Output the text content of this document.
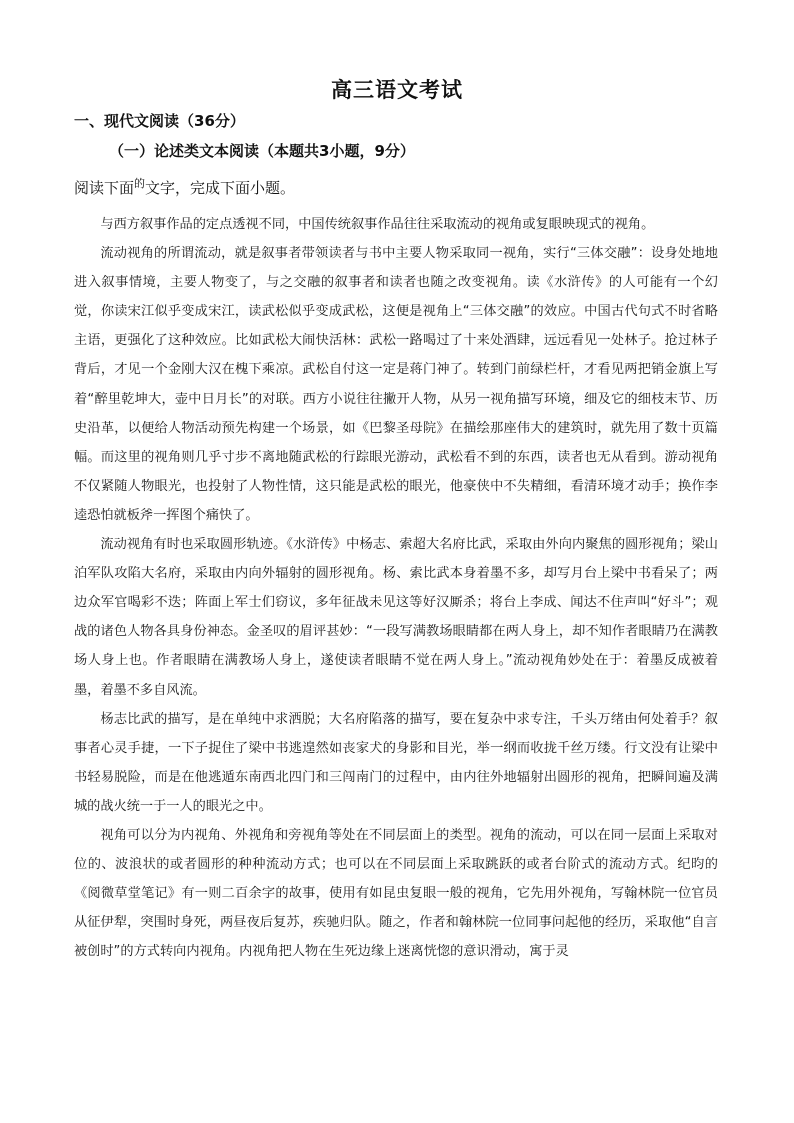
高三语文考试
一、现代文阅读（36分）
（一）论述类文本阅读（本题共3小题，9分）
阅读下面$^的$文字，完成下面小题。

与西方叙事作品的定点透视不同，中国传统叙事作品往往采取流动的视角或复眼映现式的视角。

流动视角的所谓流动，就是叙事者带领读者与书中主要人物采取同一视角，实行“三体交融”：设身处地地进入叙事情境，主要人物变了，与之交融的叙事者和读者也随之改变视角。读《水浒传》的人可能有一个幻觉，你读宋江似乎变成宋江，读武松似乎变成武松，这便是视角上“三体交融”的效应。中国古代句式不时省略主语，更强化了这种效应。比如武松大闹快活林：武松一路喝过了十来处酒肆，远远看见一处林子。抢过林子背后，才见一个金刚大汉在槐下乘凉。武松自付这一定是蒋门神了。转到门前绿栏杆，才看见两把销金旗上写着“醉里乾坤大，壶中日月长”的对联。西方小说往往撇开人物，从另一视角描写环境，细及它的细枝末节、历史沿革，以便给人物活动预先构建一个场景，如《巴黎圣母院》在描绘那座伟大的建筑时，就先用了数十页篇幅。而这里的视角则几乎寸步不离地随武松的行踪眼光游动，武松看不到的东西，读者也无从看到。游动视角不仅紧随人物眼光，也投射了人物性情，这只能是武松的眼光，他豪侠中不失精细，看清环境才动手；换作李逵恐怕就板斧一挥图个痛快了。

流动视角有时也采取圆形轨迹。《水浒传》中杨志、索超大名府比武，采取由外向内聚焦的圆形视角；梁山泊军队攻陷大名府，采取由内向外辐射的圆形视角。杨、索比武本身着墨不多，却写月台上梁中书看呆了；两边众军官喝彩不迭；阵面上军士们窃议，多年征战未见这等好汉厮杀；将台上李成、闻达不住声叫“好斗”；观战的诸色人物各具身份神态。金圣叹的眉评甚妙：“一段写满教场眼睛都在两人身上，却不知作者眼睛乃在满教场人身上也。作者眼睛在满教场人身上，遂使读者眼睛不觉在两人身上。”流动视角妙处在于：着墨反成被着墨，着墨不多自风流。

杨志比武的描写，是在单纯中求洒脱；大名府陷落的描写，要在复杂中求专注，千头万绪由何处着手？叙事者心灵手捷，一下子捉住了梁中书逃遑然如丧家犬的身影和目光，举一纲而收拢千丝万缕。行文没有让梁中书轻易脱险，而是在他逃遁东南西北四门和三闯南门的过程中，由内往外地辐射出圆形的视角，把瞬间遍及满城的战火统一于一人的眼光之中。

视角可以分为内视角、外视角和旁视角等处在不同层面上的类型。视角的流动，可以在同一层面上采取对位的、波浪状的或者圆形的种种流动方式；也可以在不同层面上采取跳跃的或者台阶式的流动方式。纪昀的《阅微草堂笔记》有一则二百余字的故事，使用有如昆虫复眼一般的视角，它先用外视角，写翰林院一位官员从征伊犁，突围时身死，两昼夜后复苏，疾驰归队。随之，作者和翰林院一位同事问起他的经历，采取他“自言被创时”的方式转向内视角。内视角把人物在生死边缘上迷离恍惚的意识滑动，寓于灵
